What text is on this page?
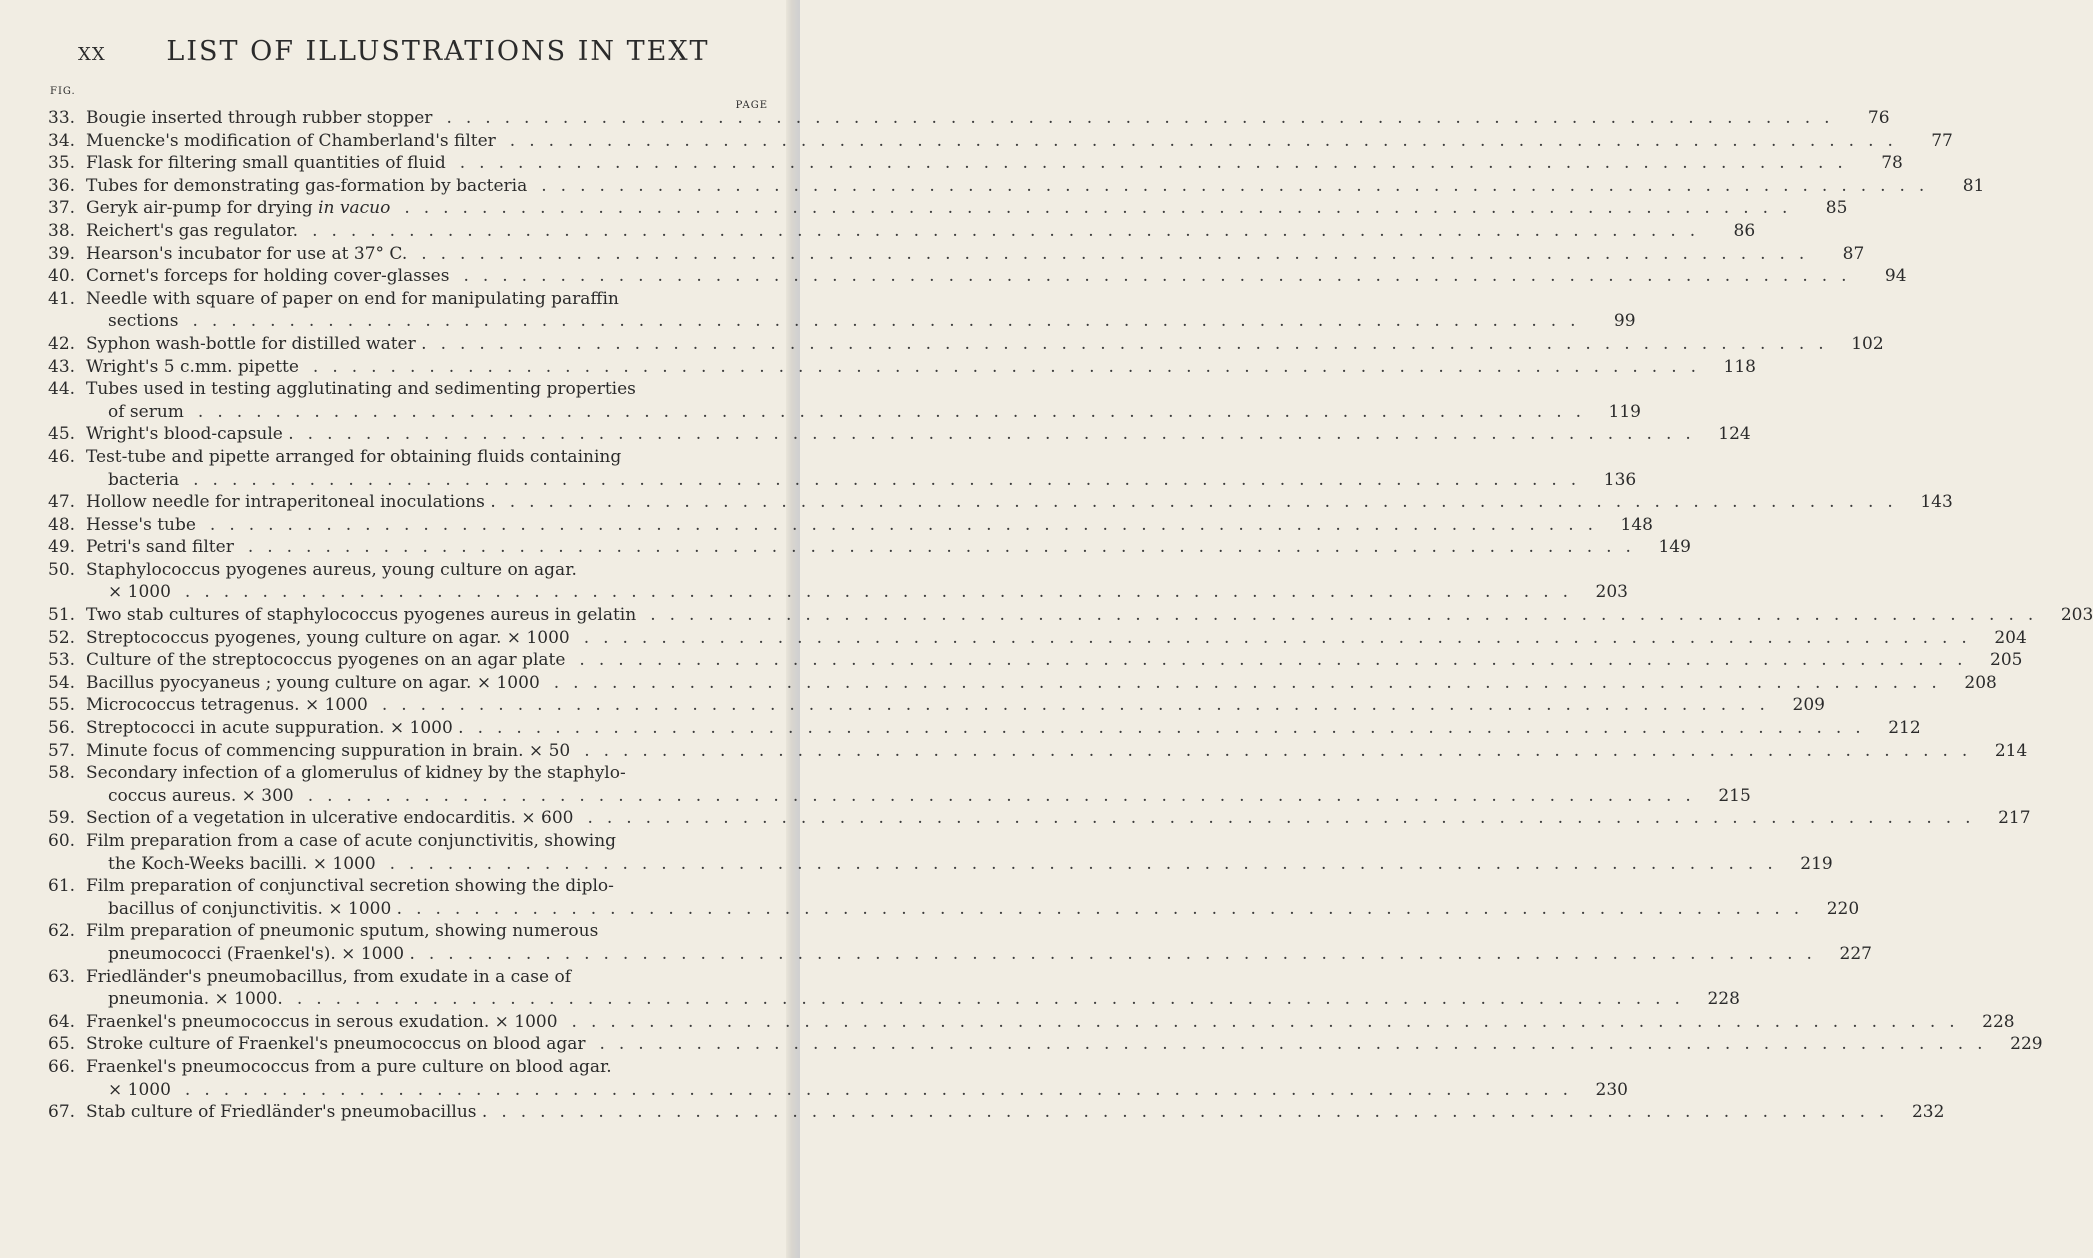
XX	LIST OF ILLUSTRATIONS IN TEXT
FIG.
PAGE
33. Bougie inserted through rubber stopper ........................................................................	76
34. Muencke's modification of Chamberland's filter ........................................................................	77
35. Flask for filtering small quantities of fluid ........................................................................	78
36. Tubes for demonstrating gas-formation by bacteria ........................................................................	81
37. Geryk air-pump for drying in vacuo ........................................................................	85
38. Reichert's gas regulator. ........................................................................	86
39. Hearson's incubator for use at 37° C. ........................................................................	87
40. Cornet's forceps for holding cover-glasses ........................................................................	94
41. Needle with square of paper on end for manipulating paraffin
sections ........................................................................	99
42. Syphon wash-bottle for distilled water . ........................................................................ 102
43. Wright's 5 c.mm. pipette ........................................................................ 118
44. Tubes used in testing agglutinating and sedimenting properties
of serum ........................................................................ 119
45. Wright's blood-capsule . ........................................................................ 124
46. Test-tube and pipette arranged for obtaining fluids containing
bacteria ........................................................................ 136
47. Hollow needle for intraperitoneal inoculations . ........................................................................ 143
48. Hesse's tube ........................................................................ 148
49. Petri's sand filter ........................................................................ 149
50. Staphylococcus pyogenes aureus, young culture on agar.
× 1000 ........................................................................ 203
51. Two stab cultures of staphylococcus pyogenes aureus in gelatin ........................................................................ 203
52. Streptococcus pyogenes, young culture on agar. × 1000 ........................................................................ 204
53. Culture of the streptococcus pyogenes on an agar plate ........................................................................ 205
54. Bacillus pyocyaneus ; young culture on agar. × 1000 ........................................................................ 208
55. Micrococcus tetragenus. × 1000 ........................................................................ 209
56. Streptococci in acute suppuration. × 1000 . ........................................................................ 212
57. Minute focus of commencing suppuration in brain. × 50 ........................................................................ 214
58. Secondary infection of a glomerulus of kidney by the staphylo-
coccus aureus. × 300 ........................................................................ 215
59. Section of a vegetation in ulcerative endocarditis. × 600 ........................................................................ 217
60. Film preparation from a case of acute conjunctivitis, showing
the Koch-Weeks bacilli. × 1000 ........................................................................ 219
61. Film preparation of conjunctival secretion showing the diplo-
bacillus of conjunctivitis. × 1000 . ........................................................................ 220
62. Film preparation of pneumonic sputum, showing numerous
pneumococci (Fraenkel's). × 1000 . ........................................................................ 227
63. Friedländer's pneumobacillus, from exudate in a case of
pneumonia. × 1000. ........................................................................ 228
64. Fraenkel's pneumococcus in serous exudation. × 1000 ........................................................................ 228
65. Stroke culture of Fraenkel's pneumococcus on blood agar ........................................................................ 229
66. Fraenkel's pneumococcus from a pure culture on blood agar.
× 1000 ........................................................................ 230
67. Stab culture of Friedländer's pneumobacillus . ........................................................................ 232
